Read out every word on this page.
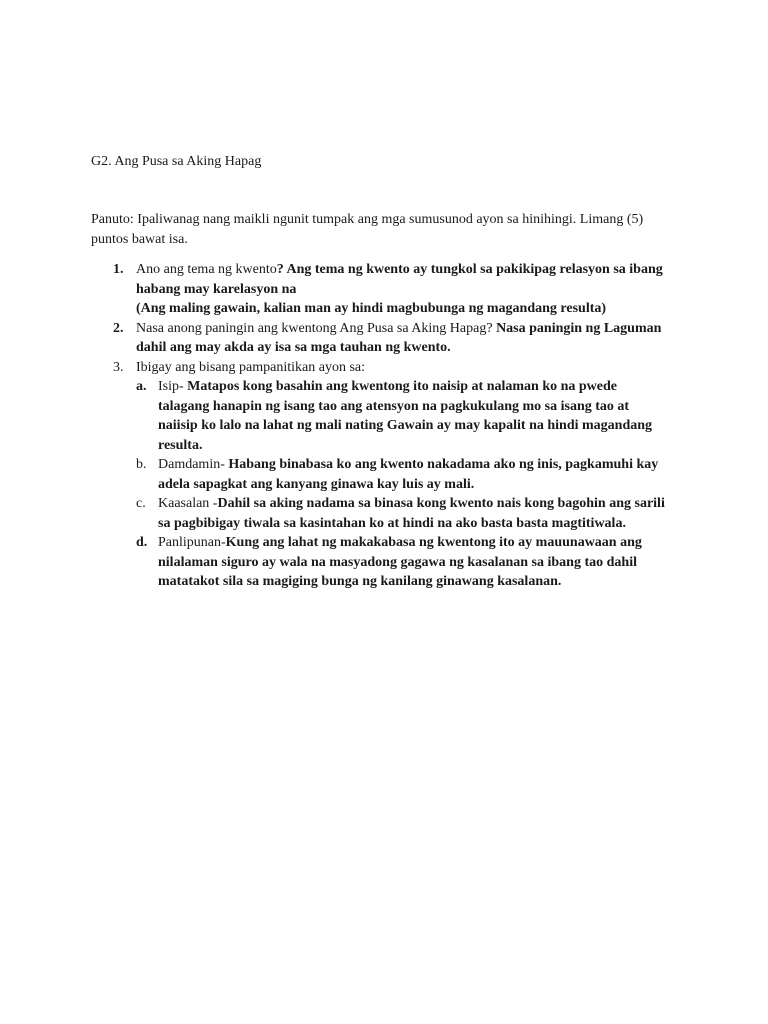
G2. Ang Pusa sa Aking Hapag
Panuto: Ipaliwanag nang maikli ngunit tumpak ang mga sumusunod ayon sa hinihingi. Limang (5) puntos bawat isa.
1. Ano ang tema ng kwento? Ang tema ng kwento ay tungkol sa pakikipag relasyon sa ibang habang may karelasyon na
(Ang maling gawain, kalian man ay hindi magbubunga ng magandang resulta)
2. Nasa anong paningin ang kwentong Ang Pusa sa Aking Hapag? Nasa paningin ng Laguman dahil ang may akda ay isa sa mga tauhan ng kwento.
3. Ibigay ang bisang pampanitikan ayon sa:
a. Isip- Matapos kong basahin ang kwentong ito naisip at nalaman ko na pwede talagang hanapin ng isang tao ang atensyon na pagkukulang mo sa isang tao at naiisip ko lalo na lahat ng mali nating Gawain ay may kapalit na hindi magandang resulta.
b. Damdamin- Habang binabasa ko ang kwento nakadama ako ng inis, pagkamuhi kay adela sapagkat ang kanyang ginawa kay luis ay mali.
c. Kaasalan -Dahil sa aking nadama sa binasa kong kwento nais kong bagohin ang sarili sa pagbibigay tiwala sa kasintahan ko at hindi na ako basta basta magtitiwala.
d. Panlipunan-Kung ang lahat ng makakabasa ng kwentong ito ay mauunawaan ang nilalaman siguro ay wala na masyadong gagawa ng kasalanan sa ibang tao dahil matatakot sila sa magiging bunga ng kanilang ginawang kasalanan.
